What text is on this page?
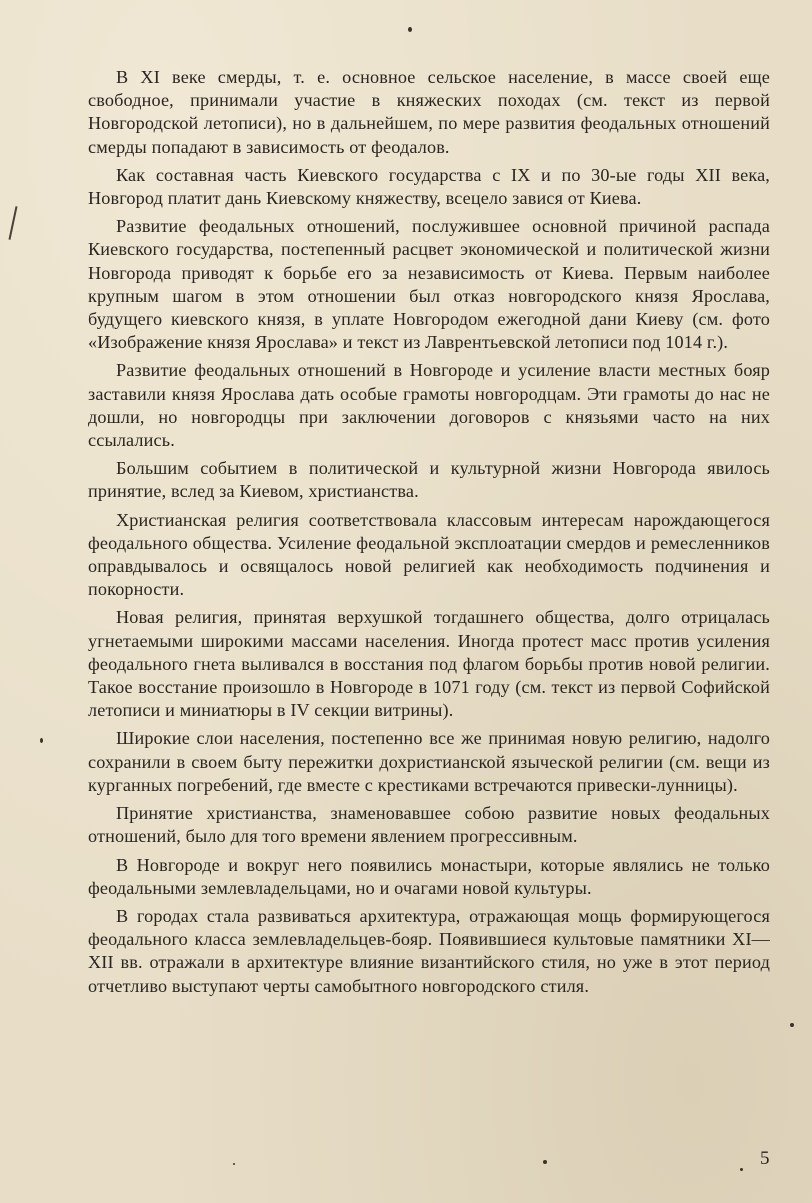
В XI веке смерды, т. е. основное сельское население, в массе своей еще свободное, принимали участие в княжеских походах (см. текст из первой Новгородской летописи), но в дальнейшем, по мере развития феодальных отношений смерды попадают в зависимость от феодалов.

Как составная часть Киевского государства с IX и по 30-ые годы XII века, Новгород платит дань Киевскому княжеству, всецело завися от Киева.

Развитие феодальных отношений, послужившее основной причиной распада Киевского государства, постепенный расцвет экономической и политической жизни Новгорода приводят к борьбе его за независимость от Киева. Первым наиболее крупным шагом в этом отношении был отказ новгородского князя Ярослава, будущего киевского князя, в уплате Новгородом ежегодной дани Киеву (см. фото «Изображение князя Ярослава» и текст из Лаврентьевской летописи под 1014 г.).

Развитие феодальных отношений в Новгороде и усиление власти местных бояр заставили князя Ярослава дать особые грамоты новгородцам. Эти грамоты до нас не дошли, но новгородцы при заключении договоров с князьями часто на них ссылались.

Большим событием в политической и культурной жизни Новгорода явилось принятие, вслед за Киевом, христианства.

Христианская религия соответствовала классовым интересам нарождающегося феодального общества. Усиление феодальной эксплоатации смердов и ремесленников оправдывалось и освящалось новой религией как необходимость подчинения и покорности.

Новая религия, принятая верхушкой тогдашнего общества, долго отрицалась угнетаемыми широкими массами населения. Иногда протест масс против усиления феодального гнета выливался в восстания под флагом борьбы против новой религии. Такое восстание произошло в Новгороде в 1071 году (см. текст из первой Софийской летописи и миниатюры в IV секции витрины).

Широкие слои населения, постепенно все же принимая новую религию, надолго сохранили в своем быту пережитки дохристианской языческой религии (см. вещи из курганных погребений, где вместе с крестиками встречаются привески-лунницы).

Принятие христианства, знаменовавшее собою развитие новых феодальных отношений, было для того времени явлением прогрессивным.

В Новгороде и вокруг него появились монастыри, которые являлись не только феодальными землевладельцами, но и очагами новой культуры.

В городах стала развиваться архитектура, отражающая мощь формирующегося феодального класса землевладельцев-бояр. Появившиеся культовые памятники XI—XII вв. отражали в архитектуре влияние византийского стиля, но уже в этот период отчетливо выступают черты самобытного новгородского стиля.

5
